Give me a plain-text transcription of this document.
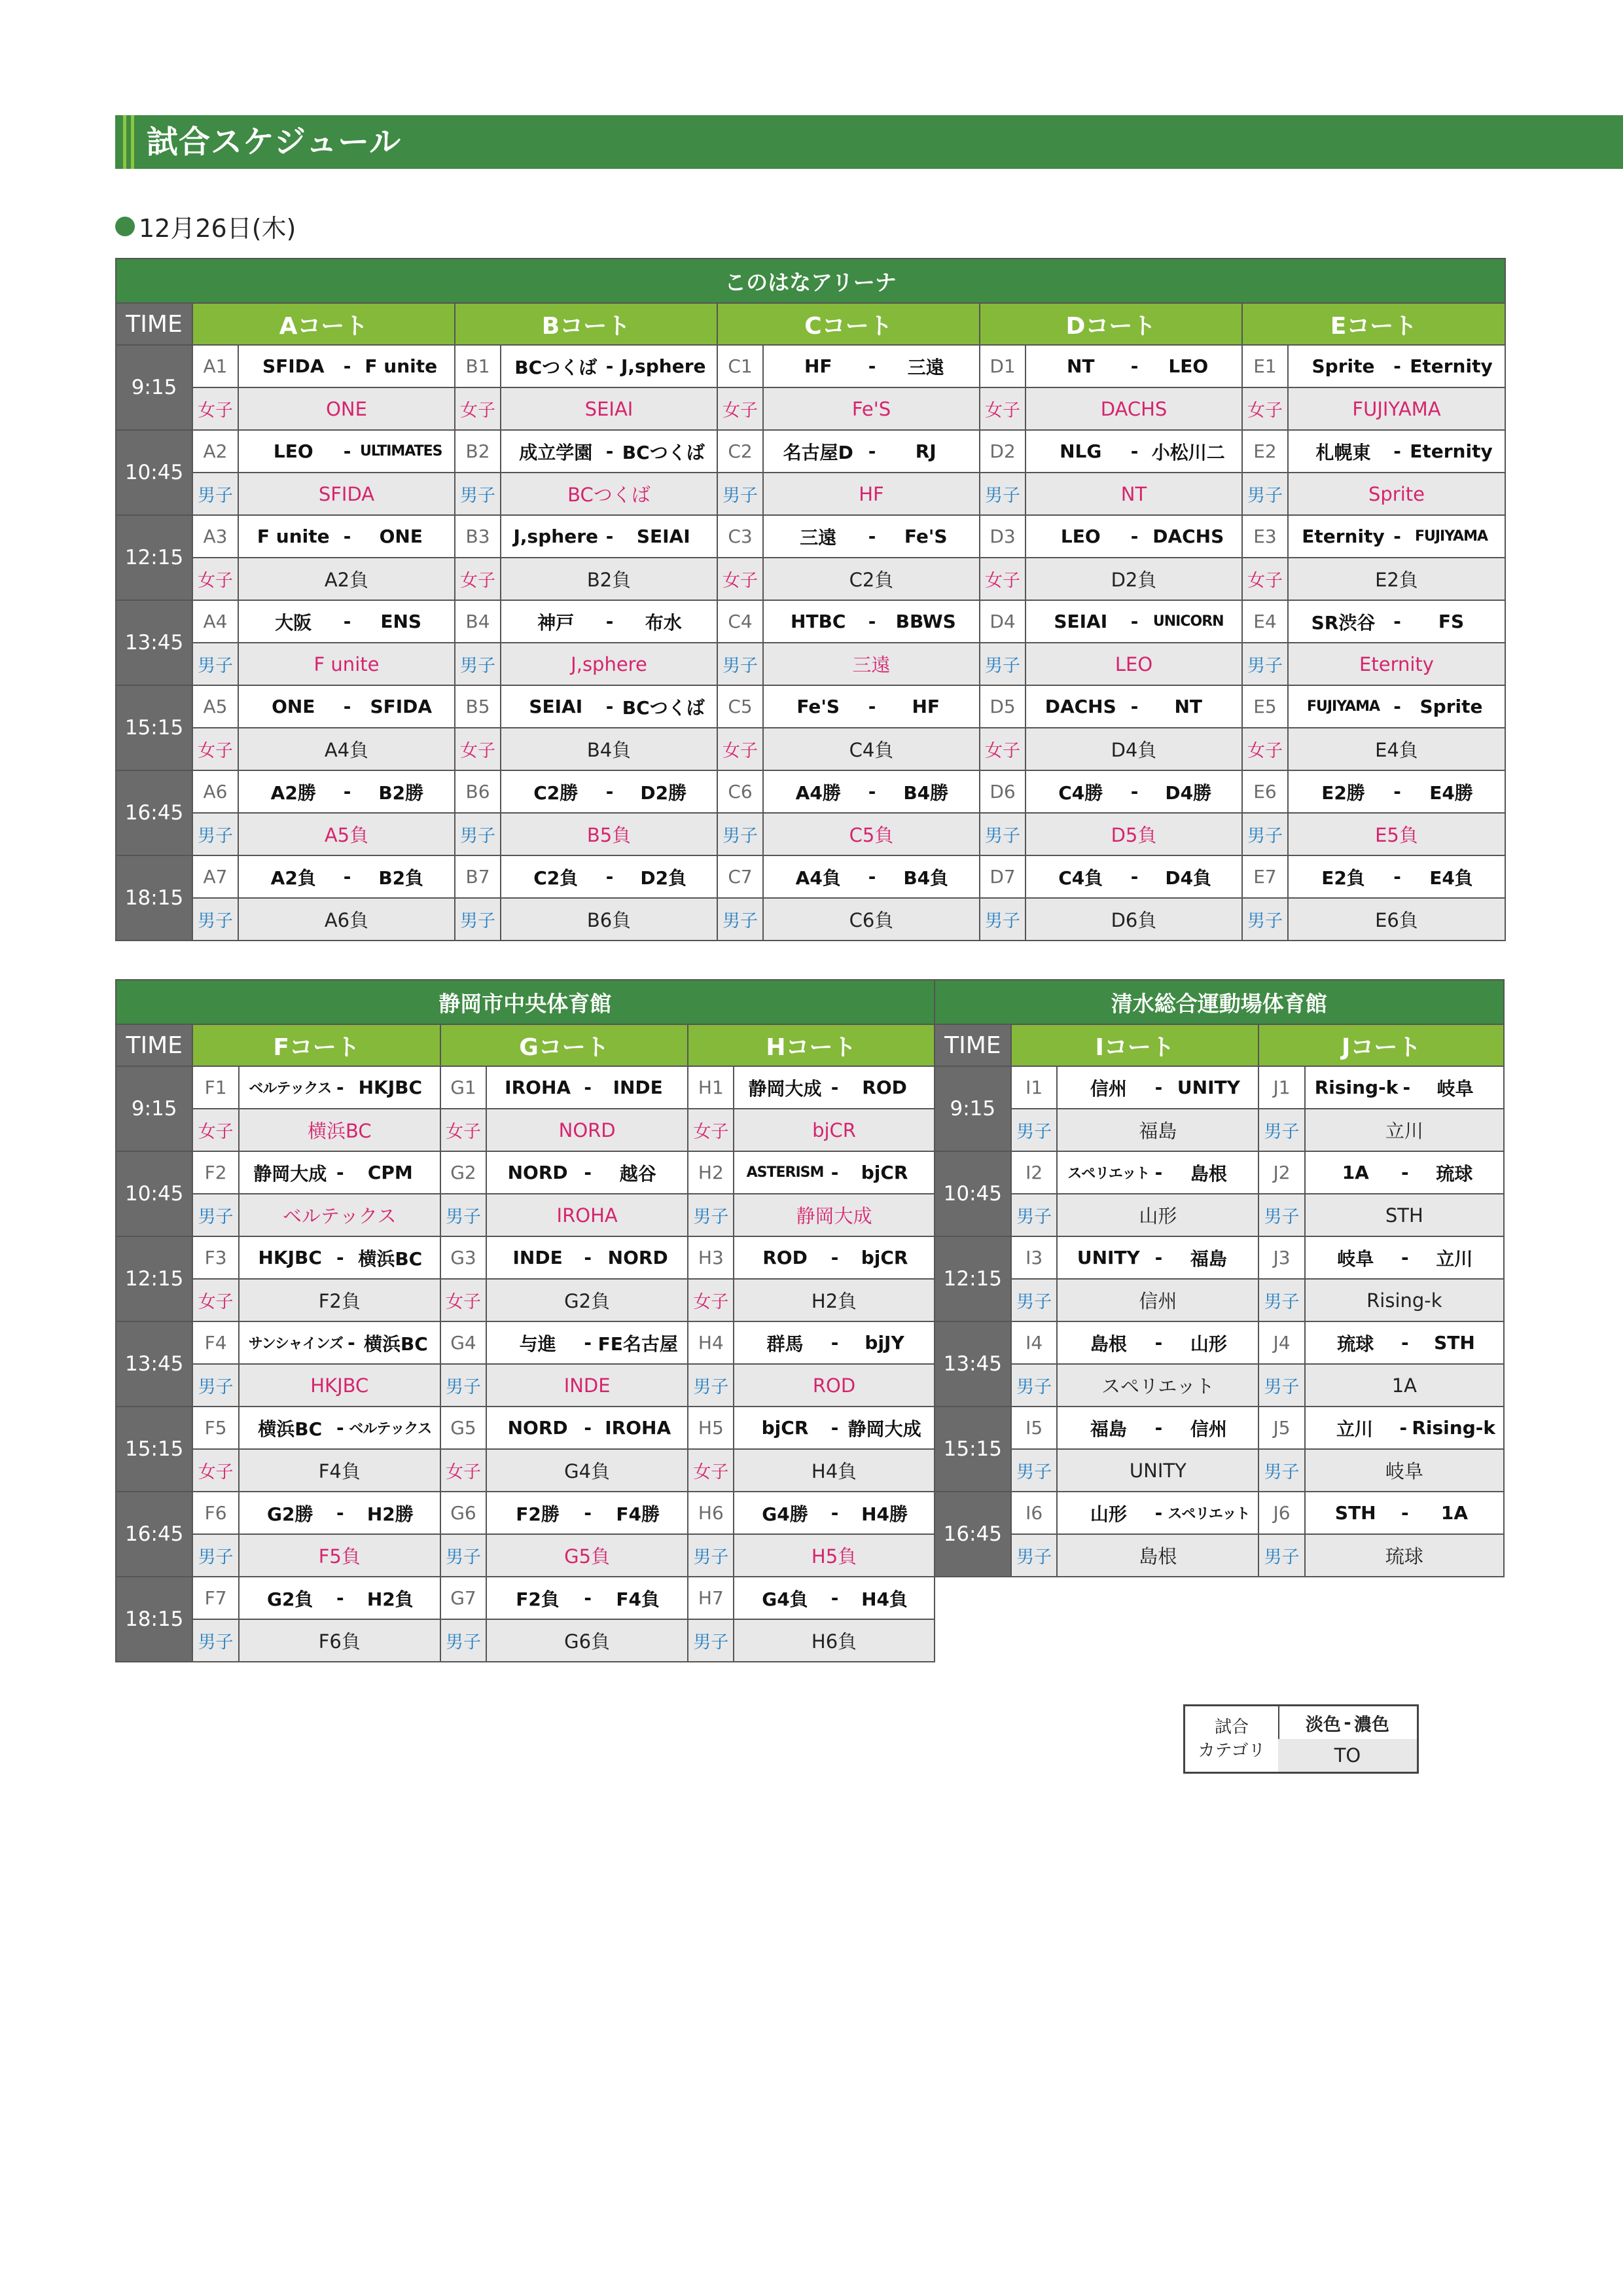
試合スケジュール
12月26日(木)
このはなアリーナ										
TIME	Aコート		Bコート		Cコート		Dコート		Eコート	
9:15	A1	SFIDA - F unite	B1	BCつくば - J,sphere	C1	HF - 三遠	D1	NT - LEO	E1	Sprite - Eternity

	女子	ONE	女子	SEIAI	女子	Fe'S	女子	DACHS	女子	FUJIYAMA
10:45	A2	LEO - ULTIMATES	B2	成立学園 - BCつくば	C2	名古屋D - RJ	D2	NLG - 小松川二	E2	札幌東 - Eternity

	男子	SFIDA	男子	BCつくば	男子	HF	男子	NT	男子	Sprite
12:15	A3	F unite - ONE	B3	J,sphere - SEIAI	C3	三遠 - Fe'S	D3	LEO - DACHS	E3	Eternity - FUJIYAMA

	女子	A2負	女子	B2負	女子	C2負	女子	D2負	女子	E2負
13:45	A4	大阪 - ENS	B4	神戸 - 布水	C4	HTBC - BBWS	D4	SEIAI - UNICORN	E4	SR渋谷 - FS

	男子	F unite	男子	J,sphere	男子	三遠	男子	LEO	男子	Eternity
15:15	A5	ONE - SFIDA	B5	SEIAI - BCつくば	C5	Fe'S - HF	D5	DACHS - NT	E5	FUJIYAMA - Sprite

	女子	A4負	女子	B4負	女子	C4負	女子	D4負	女子	E4負
16:45	A6	A2勝 - B2勝	B6	C2勝 - D2勝	C6	A4勝 - B4勝	D6	C4勝 - D4勝	E6	E2勝 - E4勝

	男子	A5負	男子	B5負	男子	C5負	男子	D5負	男子	E5負
18:15	A7	A2負 - B2負	B7	C2負 - D2負	C7	A4負 - B4負	D7	C4負 - D4負	E7	E2負 - E4負

	男子	A6負	男子	B6負	男子	C6負	男子	D6負	男子	E6負
静岡市中央体育館							清水総合運動場体育館				
TIME	Fコート		Gコート		Hコート		TIME	Iコート		Jコート	
9:15	F1	ベルテックス - HKJBC	G1	IROHA - INDE	H1	静岡大成 - ROD	9:15	I1	信州 - UNITY	J1	Rising-k - 岐阜

	女子	横浜BC	女子	NORD	女子	bjCR		男子	福島	男子	立川
10:45	F2	静岡大成 - CPM	G2	NORD - 越谷	H2	ASTERISM - bjCR	10:45	I2	スペリエット - 島根	J2	1A - 琉球

	男子	ベルテックス	男子	IROHA	男子	静岡大成		男子	山形	男子	STH
12:15	F3	HKJBC - 横浜BC	G3	INDE - NORD	H3	ROD - bjCR	12:15	I3	UNITY - 福島	J3	岐阜 - 立川

	女子	F2負	女子	G2負	女子	H2負		男子	信州	男子	Rising-k
13:45	F4	サンシャインズ - 横浜BC	G4	与進 - FE名古屋	H4	群馬 - bjJY	13:45	I4	島根 - 山形	J4	琉球 - STH

	男子	HKJBC	男子	INDE	男子	ROD		男子	スペリエット	男子	1A
15:15	F5	横浜BC - ベルテックス	G5	NORD - IROHA	H5	bjCR - 静岡大成	15:15	I5	福島 - 信州	J5	立川 - Rising-k

	女子	F4負	女子	G4負	女子	H4負		男子	UNITY	男子	岐阜
16:45	F6	G2勝 - H2勝	G6	F2勝 - F4勝	H6	G4勝 - H4勝	16:45	I6	山形 - スペリエット	J6	STH - 1A

	男子	F5負	男子	G5負	男子	H5負		男子	島根	男子	琉球
18:15	F7	G2負 - H2負	G7	F2負 - F4負	H7	G4負 - H4負					

	男子	F6負	男子	G6負	男子	H6負					
試合
カテゴリ
淡色 - 濃色
TO
